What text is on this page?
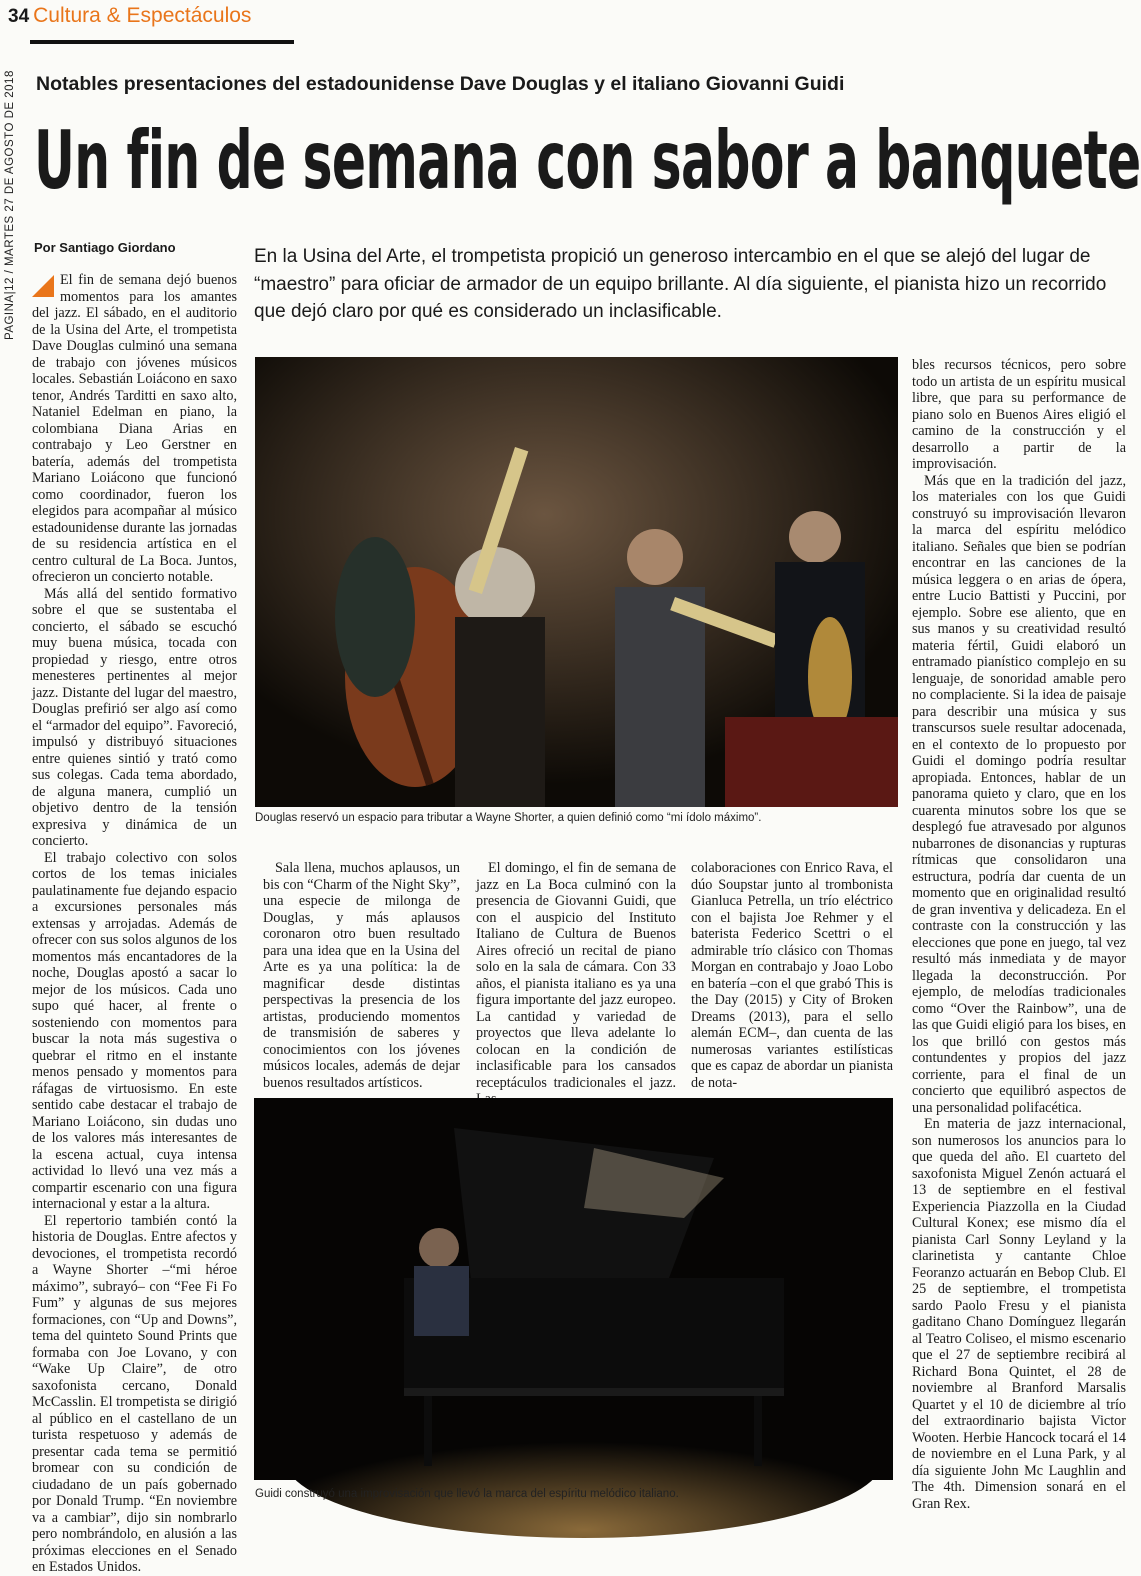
PAGINA|12 / MARTES 27 DE AGOSTO DE 2018
34 Cultura & Espectáculos
Notables presentaciones del estadounidense Dave Douglas y el italiano Giovanni Guidi
Un fin de semana con sabor a banquete
Por Santiago Giordano	En la Usina del Arte, el trompetista propició un generoso intercambio en el que se alejó del lugar de “maestro” para oficiar de armador de un equipo brillante. Al día siguiente, el pianista hizo un recorrido que dejó claro por qué es considerado un inclasificable.

El fin de semana dejó buenos momentos para los amantes del jazz. El sábado, en el auditorio de la Usina del Arte, el trompetista Dave Douglas culminó una semana de trabajo con jóvenes músicos locales. Sebastián Loiácono en saxo tenor, Andrés Tarditti en saxo alto, Nataniel Edelman en piano, la colombiana Diana Arias en contrabajo y Leo Gerstner en batería, además del trompetista Mariano Loiácono que funcionó como coordinador, fueron los elegidos para acompañar al músico estadounidense durante las jornadas de su residencia artística en el centro cultural de La Boca. Juntos, ofrecieron un concierto notable.

Más allá del sentido formativo sobre el que se sustentaba el concierto, el sábado se escuchó muy buena música, tocada con propiedad y riesgo, entre otros menesteres pertinentes al mejor jazz. Distante del lugar del maestro, Douglas prefirió ser algo así como el “armador del equipo”. Favoreció, impulsó y distribuyó situaciones entre quienes sintió y trató como sus colegas. Cada tema abordado, de alguna manera, cumplió un objetivo dentro de la tensión expresiva y dinámica de un concierto.

El trabajo colectivo con solos cortos de los temas iniciales paulatinamente fue dejando espacio a excursiones personales más extensas y arrojadas. Además de ofrecer con sus solos algunos de los momentos más encantadores de la noche, Douglas apostó a sacar lo mejor de los músicos. Cada uno supo qué hacer, al frente o sosteniendo con momentos para buscar la nota más sugestiva o quebrar el ritmo en el instante menos pensado y momentos para ráfagas de virtuosismo. En este sentido cabe destacar el trabajo de Mariano Loiácono, sin dudas uno de los valores más interesantes de la escena actual, cuya intensa actividad lo llevó una vez más a compartir escenario con una figura internacional y estar a la altura.

El repertorio también contó la historia de Douglas. Entre afectos y devociones, el trompetista recordó a Wayne Shorter –“mi héroe máximo”, subrayó– con “Fee Fi Fo Fum” y algunas de sus mejores formaciones, con “Up and Downs”, tema del quinteto Sound Prints que formaba con Joe Lovano, y con “Wake Up Claire”, de otro saxofonista cercano, Donald McCasslin. El trompetista se dirigió al público en el castellano de un turista respetuoso y además de presentar cada tema se permitió bromear con su condición de ciudadano de un país gobernado por Donald Trump. “En noviembre va a cambiar”, dijo sin nombrarlo pero nombrándolo, en alusión a las próximas elecciones en el Senado en Estados Unidos.

Douglas reservó un espacio para tributar a Wayne Shorter, a quien definió como “mi ídolo máximo”.

Sala llena, muchos aplausos, un bis con “Charm of the Night Sky”, una especie de milonga de Douglas, y más aplausos coronaron otro buen resultado para una idea que en la Usina del Arte es ya una política: la de magnificar desde distintas perspectivas la presencia de los artistas, produciendo momentos de transmisión de saberes y conocimientos con los jóvenes músicos locales, además de dejar buenos resultados artísticos.

El domingo, el fin de semana de jazz en La Boca culminó con la presencia de Giovanni Guidi, que con el auspicio del Instituto Italiano de Cultura de Buenos Aires ofreció un recital de piano solo en la sala de cámara. Con 33 años, el pianista italiano es ya una figura importante del jazz europeo. La cantidad y variedad de proyectos que lleva adelante lo colocan en la condición de inclasificable para los cansados receptáculos tradicionales el jazz.

colaboraciones con Enrico Rava, el dúo Soupstar junto al trombonista Gianluca Petrella, un trío eléctrico con el bajista Joe Rehmer y el baterista Federico Scettri o el admirable trío clásico con Thomas Morgan en contrabajo y Joao Lobo en batería –con el que grabó This is the Day (2015) y City of Broken Dreams (2013), para el sello alemán ECM–, dan cuenta de las numerosas variantes estilísticas que es capaz de abordar un pianista de nota-

Guidi construyó una improvisación que llevó la marca del espíritu melódico italiano.

bles recursos técnicos, pero sobre todo un artista de un espíritu musical libre, que para su performance de piano solo en Buenos Aires eligió el camino de la construcción y el desarrollo a partir de la improvisación.

Más que en la tradición del jazz, los materiales con los que Guidi construyó su improvisación llevaron la marca del espíritu melódico italiano. Señales que bien se podrían encontrar en las canciones de la música leggera o en arias de ópera, entre Lucio Battisti y Puccini, por ejemplo. Sobre ese aliento, que en sus manos y su creatividad resultó materia fértil, Guidi elaboró un entramado pianístico complejo en su lenguaje, de sonoridad amable pero no complaciente. Si la idea de paisaje para describir una música y sus transcursos suele resultar adocenada, en el contexto de lo propuesto por Guidi el domingo podría resultar apropiada. Entonces, hablar de un panorama quieto y claro, que en los cuarenta minutos sobre los que se desplegó fue atravesado por algunos nubarrones de disonancias y rupturas rítmicas que consolidaron una estructura, podría dar cuenta de un momento que en originalidad resultó de gran inventiva y delicadeza. En el contraste con la construcción y las elecciones que pone en juego, tal vez resultó más inmediata y de mayor llegada la deconstrucción. Por ejemplo, de melodías tradicionales como “Over the Rainbow”, una de las que Guidi eligió para los bises, en los que brilló con gestos más contundentes y propios del jazz corriente, para el final de un concierto que equilibró aspectos de una personalidad polifacética.

En materia de jazz internacional, son numerosos los anuncios para lo que queda del año. El cuarteto del saxofonista Miguel Zenón actuará el 13 de septiembre en el festival Experiencia Piazzolla en la Ciudad Cultural Konex; ese mismo día el pianista Carl Sonny Leyland y la clarinetista y cantante Chloe Feoranzo actuarán en Bebop Club. El 25 de septiembre, el trompetista sardo Paolo Fresu y el pianista gaditano Chano Domínguez llegarán al Teatro Coliseo, el mismo escenario que el 27 de septiembre recibirá al Richard Bona Quintet, el 28 de noviembre al Branford Marsalis Quartet y el 10 de diciembre al trío del extraordinario bajista Victor Wooten. Herbie Hancock tocará el 14 de noviembre en el Luna Park, y al día siguiente John Mc Laughlin and The 4th. Dimension sonará en el Gran Rex.
